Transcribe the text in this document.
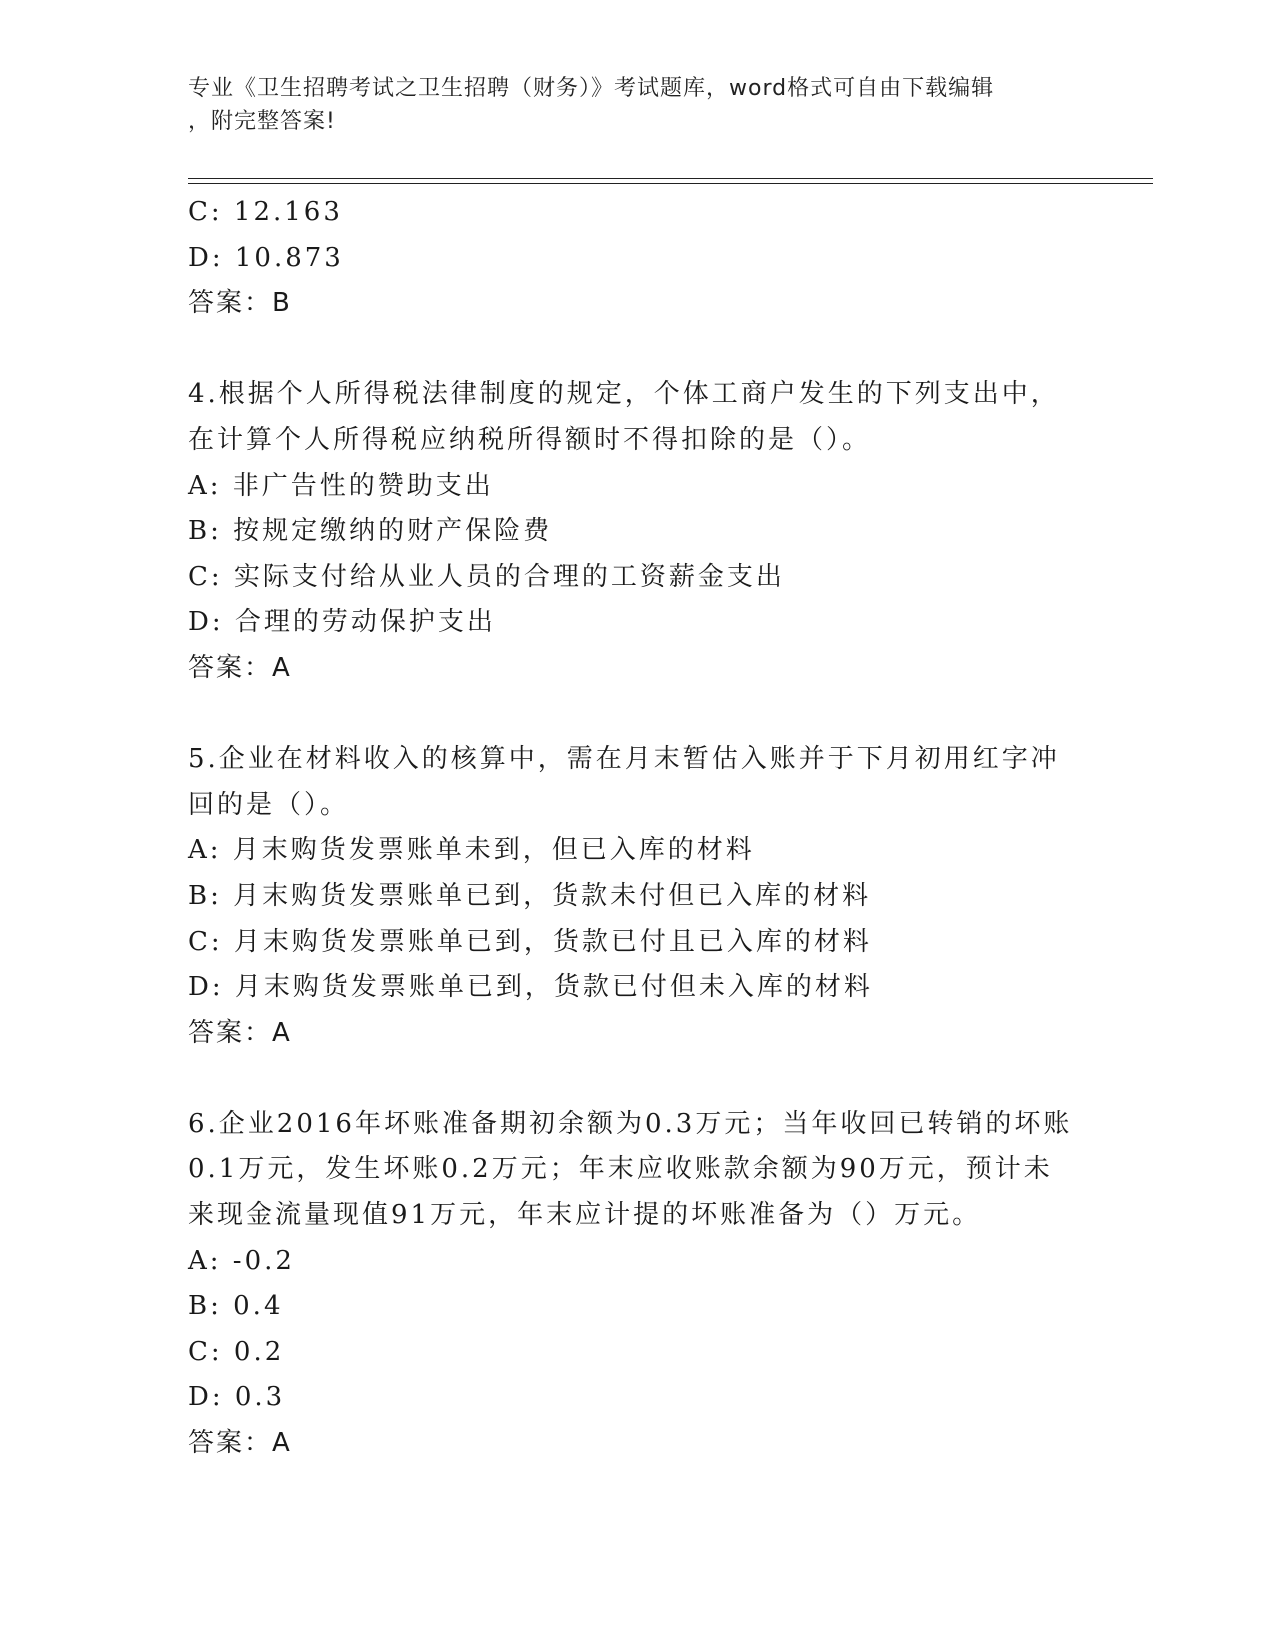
专业《卫生招聘考试之卫生招聘（财务）》考试题库，word格式可自由下载编辑
，附完整答案!
C: 12.163
D: 10.873
答案：B
4.根据个人所得税法律制度的规定，个体工商户发生的下列支出中，
在计算个人所得税应纳税所得额时不得扣除的是（）。
A: 非广告性的赞助支出
B: 按规定缴纳的财产保险费
C: 实际支付给从业人员的合理的工资薪金支出
D: 合理的劳动保护支出
答案：A
5.企业在材料收入的核算中，需在月末暂估入账并于下月初用红字冲
回的是（）。
A: 月末购货发票账单未到，但已入库的材料
B: 月末购货发票账单已到，货款未付但已入库的材料
C: 月末购货发票账单已到，货款已付且已入库的材料
D: 月末购货发票账单已到，货款已付但未入库的材料
答案：A
6.企业2016年坏账准备期初余额为0.3万元；当年收回已转销的坏账
0.1万元，发生坏账0.2万元；年末应收账款余额为90万元，预计未
来现金流量现值91万元，年末应计提的坏账准备为（）万元。
A: -0.2
B: 0.4
C: 0.2
D: 0.3
答案：A
